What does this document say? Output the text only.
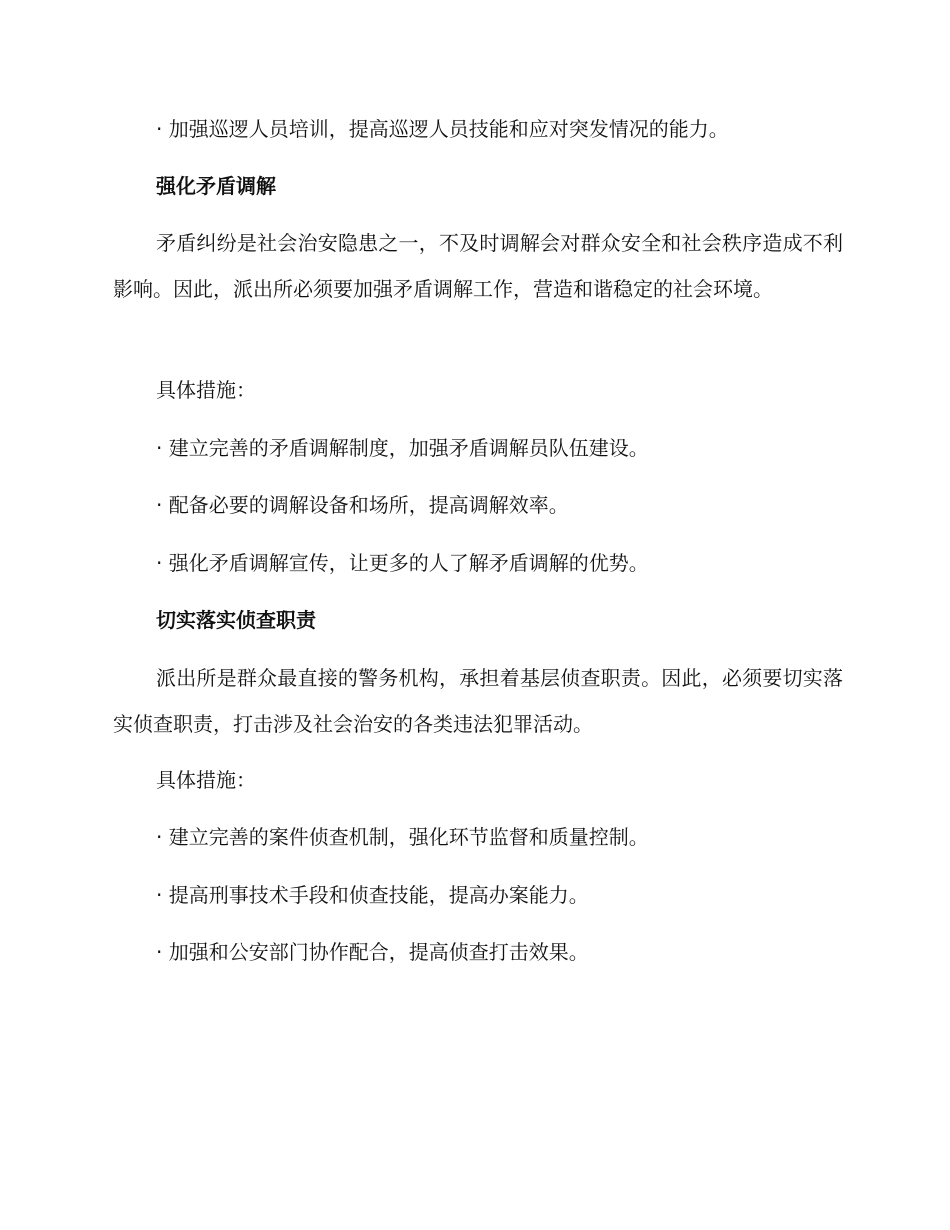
· 加强巡逻人员培训，提高巡逻人员技能和应对突发情况的能力。
强化矛盾调解
矛盾纠纷是社会治安隐患之一，不及时调解会对群众安全和社会秩序造成不利影响。因此，派出所必须要加强矛盾调解工作，营造和谐稳定的社会环境。
具体措施：
· 建立完善的矛盾调解制度，加强矛盾调解员队伍建设。
· 配备必要的调解设备和场所，提高调解效率。
· 强化矛盾调解宣传，让更多的人了解矛盾调解的优势。
切实落实侦查职责
派出所是群众最直接的警务机构，承担着基层侦查职责。因此，必须要切实落实侦查职责，打击涉及社会治安的各类违法犯罪活动。
具体措施：
· 建立完善的案件侦查机制，强化环节监督和质量控制。
· 提高刑事技术手段和侦查技能，提高办案能力。
· 加强和公安部门协作配合，提高侦查打击效果。
